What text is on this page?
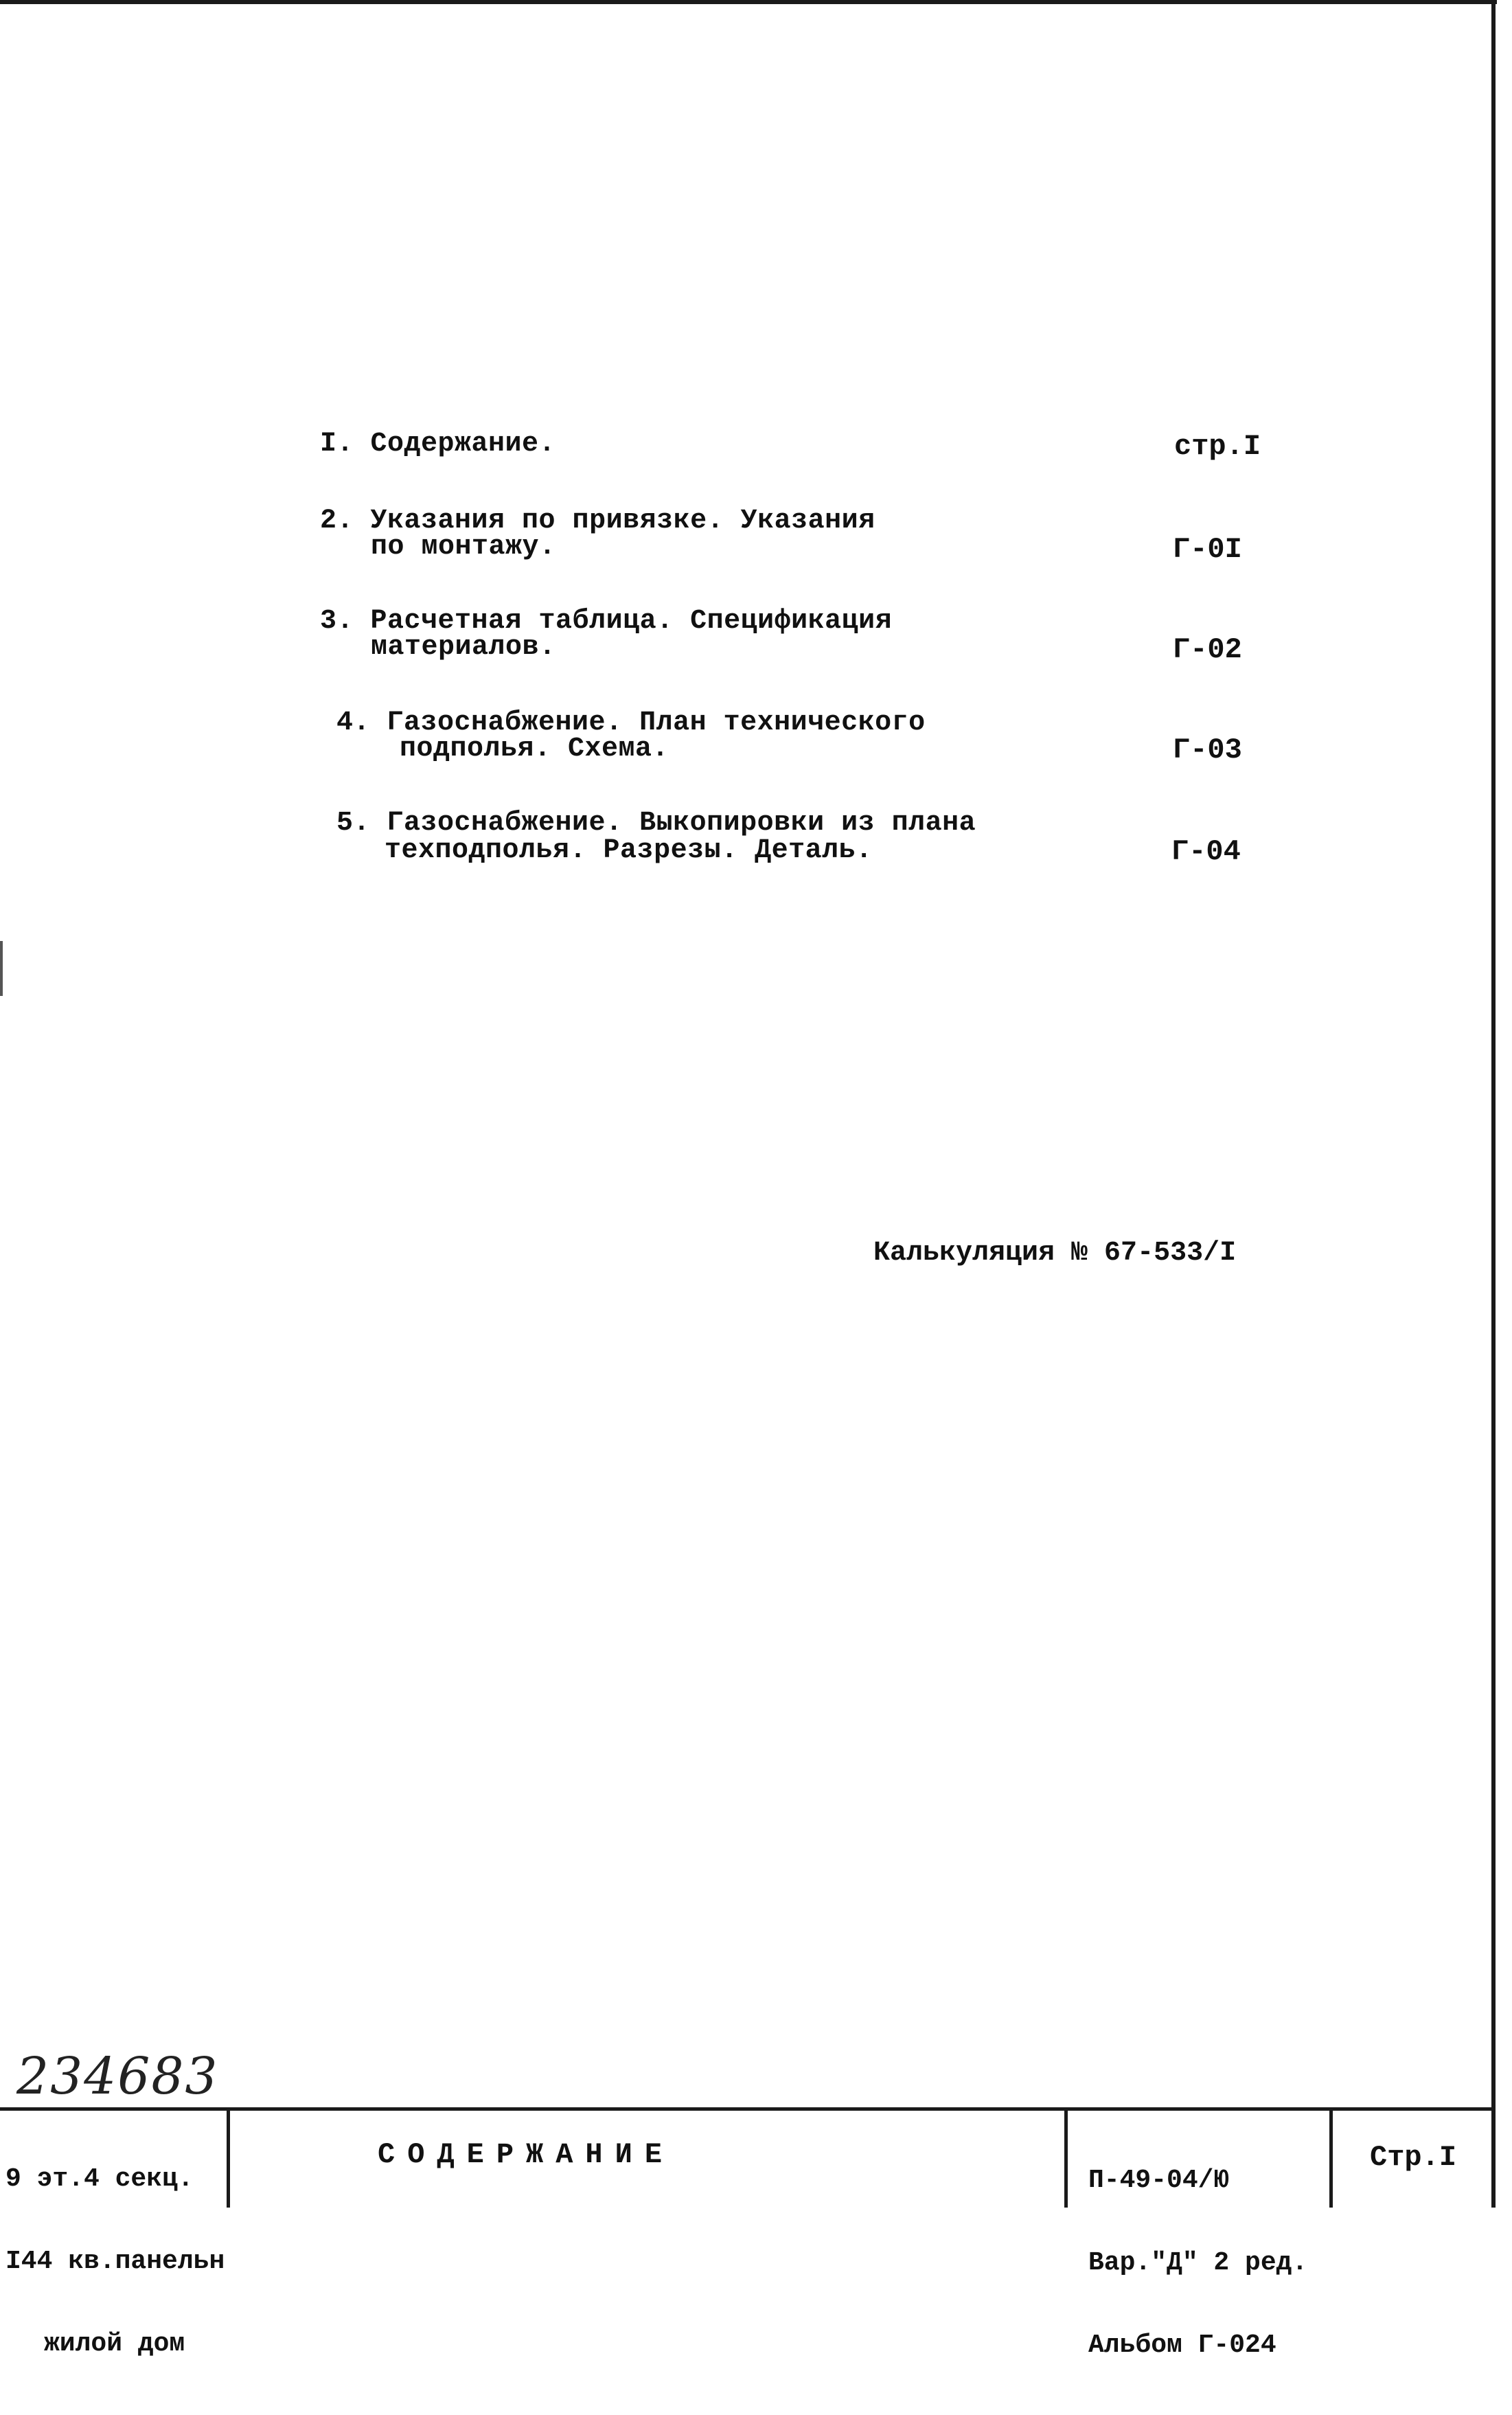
I. Содержание.	стр.I
2. Указания по привязке. Указания
по монтажу.	Г-0I
3. Расчетная таблица. Спецификация
материалов.	Г-02
4. Газоснабжение. План технического
подполья. Схема.	Г-03
5. Газоснабжение. Выкопировки из плана
техподполья. Разрезы. Деталь.	Г-04
Калькуляция № 67-533/I
234683

9 эт.4 секц.

I44 кв.панельн

жилой дом

СОДЕРЖАНИЕ

П-49-04/Ю

Вар."Д" 2 ред.

Альбом Г-024

Стр.I
